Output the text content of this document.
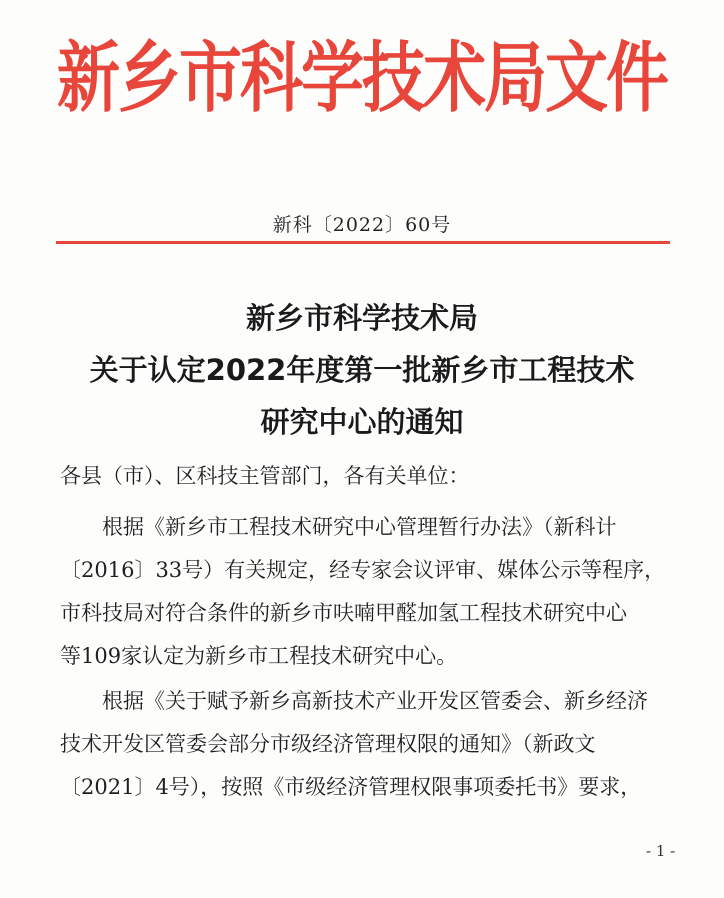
新乡市科学技术局文件
新科〔2022〕60号
新乡市科学技术局
关于认定2022年度第一批新乡市工程技术
研究中心的通知
各县（市）、区科技主管部门，各有关单位：
　　根据《新乡市工程技术研究中心管理暂行办法》（新科计
〔2016〕33号）有关规定，经专家会议评审、媒体公示等程序，
市科技局对符合条件的新乡市呋喃甲醛加氢工程技术研究中心
等109家认定为新乡市工程技术研究中心。
　　根据《关于赋予新乡高新技术产业开发区管委会、新乡经济
技术开发区管委会部分市级经济管理权限的通知》（新政文
〔2021〕4号），按照《市级经济管理权限事项委托书》要求，
- 1 -
